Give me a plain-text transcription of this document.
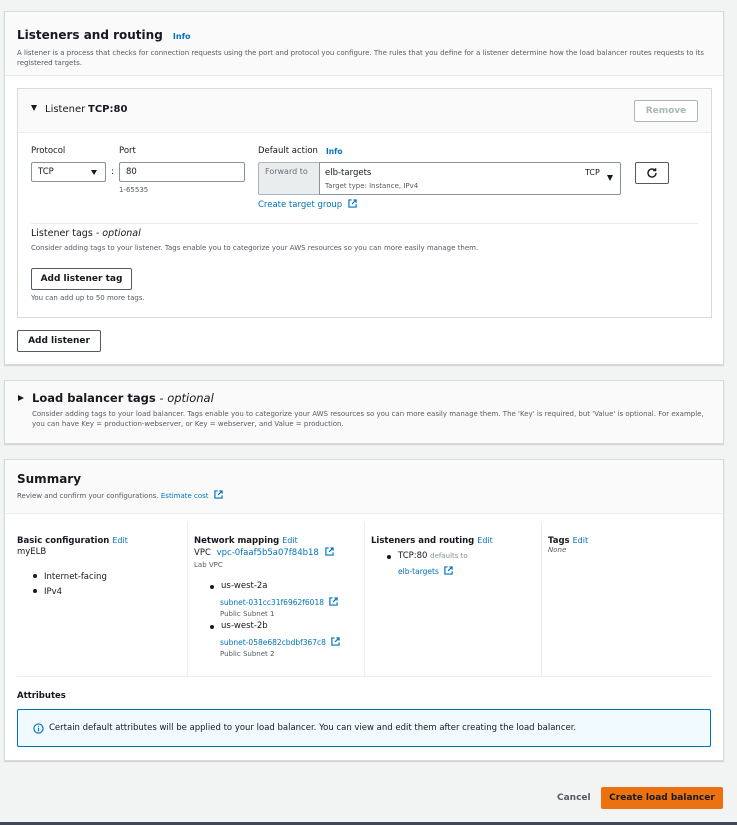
Listeners and routing Info
A listener is a process that checks for connection requests using the port and protocol you configure. The rules that you define for a listener determine how the load balancer routes requests to its registered targets.
Listener TCP:80	Remove
Protocol
TCP	:
Port
80
1-65535
Default action Info
Forward to	elb-targets
Target type: Instance, IPv4
TCP
Create target group
Listener tags - optional
Consider adding tags to your listener. Tags enable you to categorize your AWS resources so you can more easily manage them.
Add listener tag
You can add up to 50 more tags.
Add listener
Load balancer tags - optional
Consider adding tags to your load balancer. Tags enable you to categorize your AWS resources so you can more easily manage them. The 'Key' is required, but 'Value' is optional. For example, you can have Key = production-webserver, or Key = webserver, and Value = production.
Summary
Review and confirm your configurations. Estimate cost
Basic configuration Edit
myELB
Internet-facing
IPv4
Network mapping Edit
VPC vpc-0faaf5b5a07f84b18
Lab VPC
us-west-2a
subnet-031cc31f6962f6018
Public Subnet 1
us-west-2b
subnet-058e682cbdbf367c8
Public Subnet 2
Listeners and routing Edit
TCP:80 defaults to
elb-targets
Tags Edit
None
Attributes
Certain default attributes will be applied to your load balancer. You can view and edit them after creating the load balancer.
Cancel	Create load balancer
